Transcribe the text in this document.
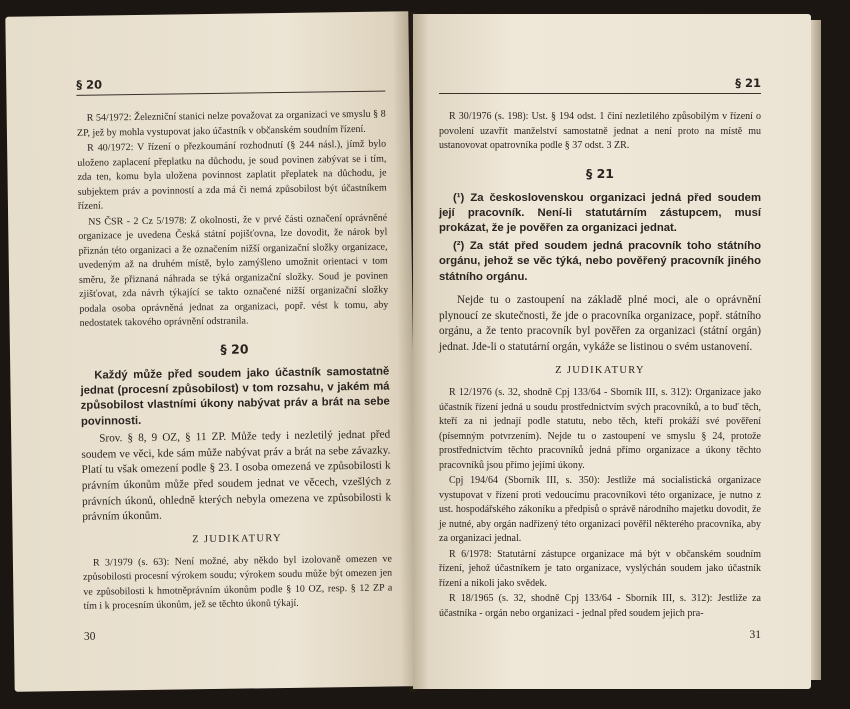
§ 20

R 54/1972: Železniční stanici nelze považovat za organizaci ve smyslu § 8 ZP, jež by mohla vystupovat jako účastník v občanském soudním řízení.

R 40/1972: V řízení o přezkoumání rozhodnutí (§ 244 násl.), jímž bylo uloženo zaplacení přeplatku na důchodu, je soud povinen zabývat se i tím, zda ten, komu byla uložena povinnost zaplatit přeplatek na důchodu, je subjektem práv a povinností a zda má či nemá způsobilost být účastníkem řízení.

NS ČSR - 2 Cz 5/1978: Z okolnosti, že v prvé části označení oprávněné organizace je uvedena Česká státní pojišťovna, lze dovodit, že nárok byl přiznán této organizaci a že označením nižší organizační složky organizace, uvedeným až na druhém místě, bylo zamýšleno umožnit orientaci v tom směru, že přiznaná náhrada se týká organizační složky. Soud je povinen zjišťovat, zda návrh týkající se takto označené nižší organizační složky podala osoba oprávněná jednat za organizaci, popř. vést k tomu, aby nedostatek takového oprávnění odstranila.

§ 20

Každý může před soudem jako účastník samostatně jednat (procesní způsobilost) v tom rozsahu, v jakém má způsobilost vlastními úkony nabývat práv a brát na sebe povinnosti.

Srov. § 8, 9 OZ, § 11 ZP. Může tedy i nezletilý jednat před soudem ve věci, kde sám může nabývat práv a brát na sebe závazky. Platí tu však omezení podle § 23. I osoba omezená ve způsobilosti k právním úkonům může před soudem jednat ve věcech, vzešlých z právních úkonů, ohledně kterých nebyla omezena ve způsobilosti k právním úkonům.

Z JUDIKATURY

R 3/1979 (s. 63): Není možné, aby někdo byl izolovaně omezen ve způsobilosti procesní výrokem soudu; výrokem soudu může být omezen jen ve způsobilosti k hmotněprávním úkonům podle § 10 OZ, resp. § 12 ZP a tím i k procesním úkonům, jež se těchto úkonů týkají.

30
§ 21

R 30/1976 (s. 198): Ust. § 194 odst. 1 činí nezletilého způsobilým v řízení o povolení uzavřít manželství samostatně jednat a není proto na místě mu ustanovovat opatrovníka podle § 37 odst. 3 ZR.

§ 21

(¹) Za československou organizaci jedná před soudem její pracovník. Není-li statutárním zástupcem, musí prokázat, že je pověřen za organizaci jednat.

(²) Za stát před soudem jedná pracovník toho státního orgánu, jehož se věc týká, nebo pověřený pracovník jiného státního orgánu.

Nejde tu o zastoupení na základě plné moci, ale o oprávnění plynoucí ze skutečnosti, že jde o pracovníka organizace, popř. státního orgánu, a že tento pracovník byl pověřen za organizaci (státní orgán) jednat. Jde-li o statutární orgán, vykáže se listinou o svém ustanovení.

Z JUDIKATURY

R 12/1976 (s. 32, shodně Cpj 133/64 - Sborník III, s. 312): Organizace jako účastník řízení jedná u soudu prostřednictvím svých pracovníků, a to buď těch, kteří za ni jednají podle statutu, nebo těch, kteří prokáží své pověření (písemným potvrzením). Nejde tu o zastoupení ve smyslu § 24, protože prostřednictvím těchto pracovníků jedná přímo organizace a úkony těchto pracovníků jsou přímo jejími úkony.

Cpj 194/64 (Sborník III, s. 350): Jestliže má socialistická organizace vystupovat v řízení proti vedoucímu pracovníkovi této organizace, je nutno z ust. hospodářského zákoníku a předpisů o správě národního majetku dovodit, že je nutné, aby orgán nadřízený této organizaci pověřil některého pracovníka, aby za organizaci jednal.

R 6/1978: Statutární zástupce organizace má být v občanském soudním řízení, jehož účastníkem je tato organizace, vyslýchán soudem jako účastník řízení a nikoli jako svědek.

R 18/1965 (s. 32, shodně Cpj 133/64 - Sborník III, s. 312): Jestliže za účastníka - orgán nebo organizaci - jednal před soudem jejich pra-

31
